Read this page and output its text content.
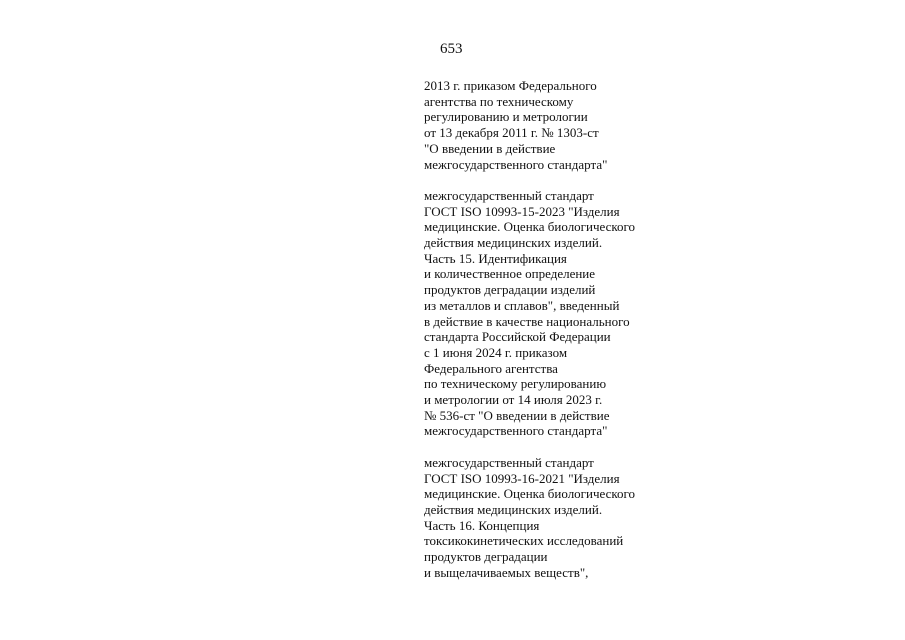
653

2013 г. приказом Федерального
агентства по техническому
регулированию и метрологии
от 13 декабря 2011 г. № 1303-ст
"О введении в действие
межгосударственного стандарта"

межгосударственный стандарт
ГОСТ ISO 10993-15-2023 "Изделия
медицинские. Оценка биологического
действия медицинских изделий.
Часть 15. Идентификация
и количественное определение
продуктов деградации изделий
из металлов и сплавов", введенный
в действие в качестве национального
стандарта Российской Федерации
с 1 июня 2024 г. приказом
Федерального агентства
по техническому регулированию
и метрологии от 14 июля 2023 г.
№ 536-ст "О введении в действие
межгосударственного стандарта"

межгосударственный стандарт
ГОСТ ISO 10993-16-2021 "Изделия
медицинские. Оценка биологического
действия медицинских изделий.
Часть 16. Концепция
токсикокинетических исследований
продуктов деградации
и выщелачиваемых веществ",
